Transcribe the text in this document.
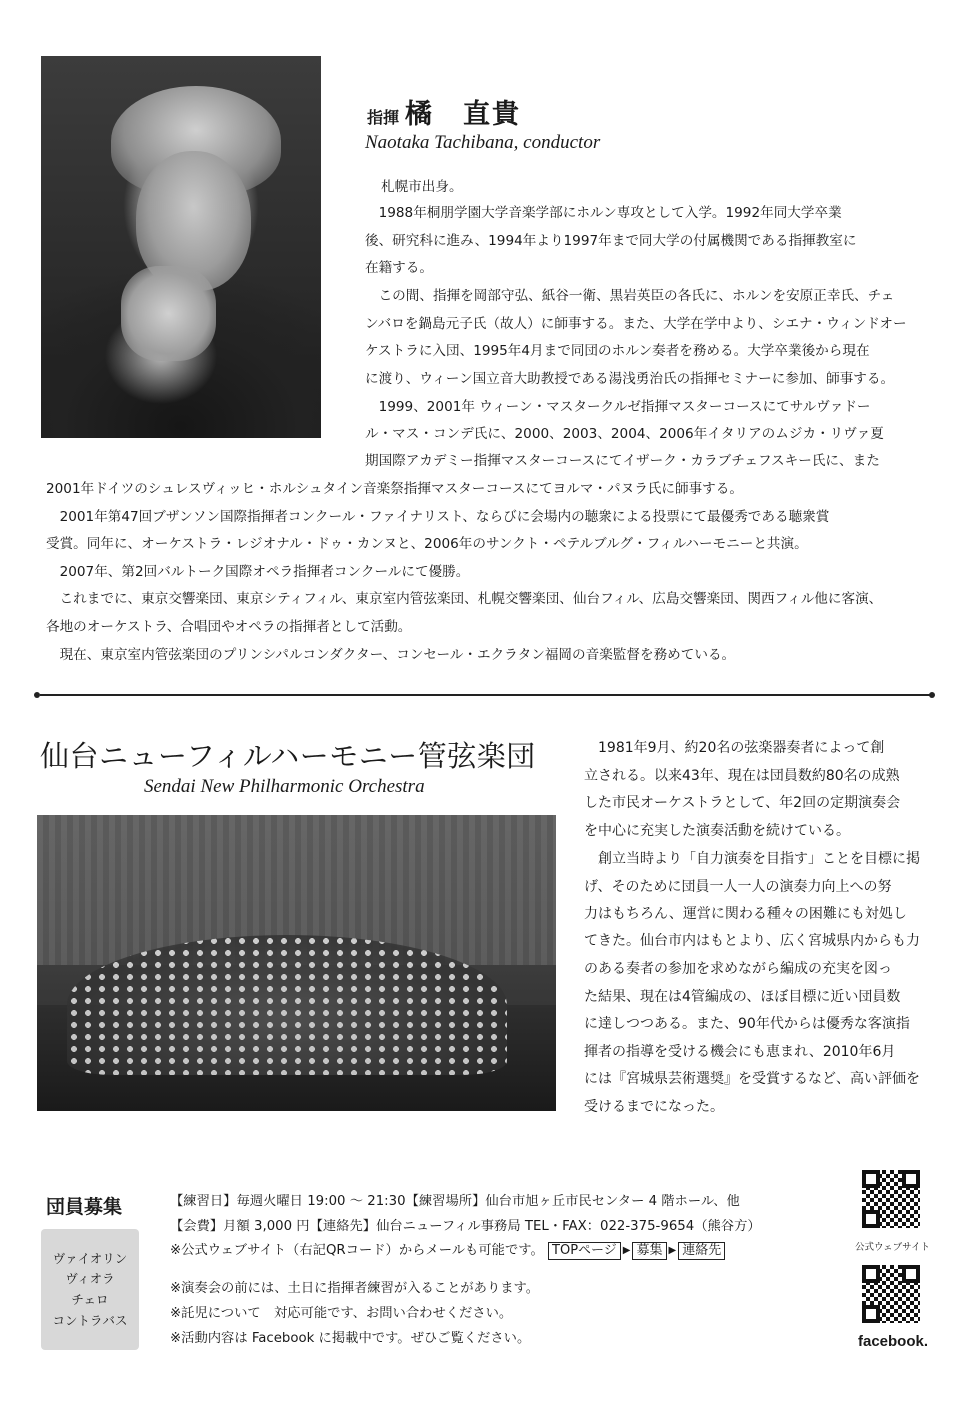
指揮 橘　直貴
Naotaka Tachibana, conductor
札幌市出身。
　1988年桐朋学園大学音楽学部にホルン専攻として入学。1992年同大学卒業
後、研究科に進み、1994年より1997年まで同大学の付属機関である指揮教室に
在籍する。
　この間、指揮を岡部守弘、紙谷一衛、黒岩英臣の各氏に、ホルンを安原正幸氏、チェ
ンバロを鍋島元子氏（故人）に師事する。また、大学在学中より、シエナ・ウィンドオー
ケストラに入団、1995年4月まで同団のホルン奏者を務める。大学卒業後から現在
に渡り、ウィーン国立音大助教授である湯浅勇治氏の指揮セミナーに参加、師事する。
　1999、2001年 ウィーン・マスタークルゼ指揮マスターコースにてサルヴァドー
ル・マス・コンデ氏に、2000、2003、2004、2006年イタリアのムジカ・リヴァ夏
期国際アカデミー指揮マスターコースにてイザーク・カラブチェフスキー氏に、また
2001年ドイツのシュレスヴィッヒ・ホルシュタイン音楽祭指揮マスターコースにてヨルマ・パヌラ氏に師事する。
　2001年第47回ブザンソン国際指揮者コンクール・ファイナリスト、ならびに会場内の聴衆による投票にて最優秀である聴衆賞
受賞。同年に、オーケストラ・レジオナル・ドゥ・カンヌと、2006年のサンクト・ペテルブルグ・フィルハーモニーと共演。
　2007年、第2回バルトーク国際オペラ指揮者コンクールにて優勝。
　これまでに、東京交響楽団、東京シティフィル、東京室内管弦楽団、札幌交響楽団、仙台フィル、広島交響楽団、関西フィル他に客演、
各地のオーケストラ、合唱団やオペラの指揮者として活動。
　現在、東京室内管弦楽団のプリンシパルコンダクター、コンセール・エクラタン福岡の音楽監督を務めている。
仙台ニューフィルハーモニー管弦楽団
Sendai New Philharmonic Orchestra
　1981年9月、約20名の弦楽器奏者によって創
立される。以来43年、現在は団員数約80名の成熟
した市民オーケストラとして、年2回の定期演奏会
を中心に充実した演奏活動を続けている。
　創立当時より「自力演奏を目指す」ことを目標に掲
げ、そのために団員一人一人の演奏力向上への努
力はもちろん、運営に関わる種々の困難にも対処し
てきた。仙台市内はもとより、広く宮城県内からも力
のある奏者の参加を求めながら編成の充実を図っ
た結果、現在は4管編成の、ほぼ目標に近い団員数
に達しつつある。また、90年代からは優秀な客演指
揮者の指導を受ける機会にも恵まれ、2010年6月
には『宮城県芸術選奨』を受賞するなど、高い評価を
受けるまでになった。
団員募集
ヴァイオリン
ヴィオラ
チェロ
コントラバス
【練習日】毎週火曜日 19:00 ～ 21:30【練習場所】仙台市旭ヶ丘市民センター 4 階ホール、他
【会費】月額 3,000 円【連絡先】仙台ニューフィル事務局 TEL・FAX：022-375-9654（熊谷方）
※公式ウェブサイト（右記QRコード）からメールも可能です。 TOPページ ▶ 募集 ▶ 連絡先
※演奏会の前には、土日に指揮者練習が入ることがあります。
※託児について　対応可能です、お問い合わせください。
※活動内容は Facebook に掲載中です。ぜひご覧ください。
公式ウェブサイト
facebook.
